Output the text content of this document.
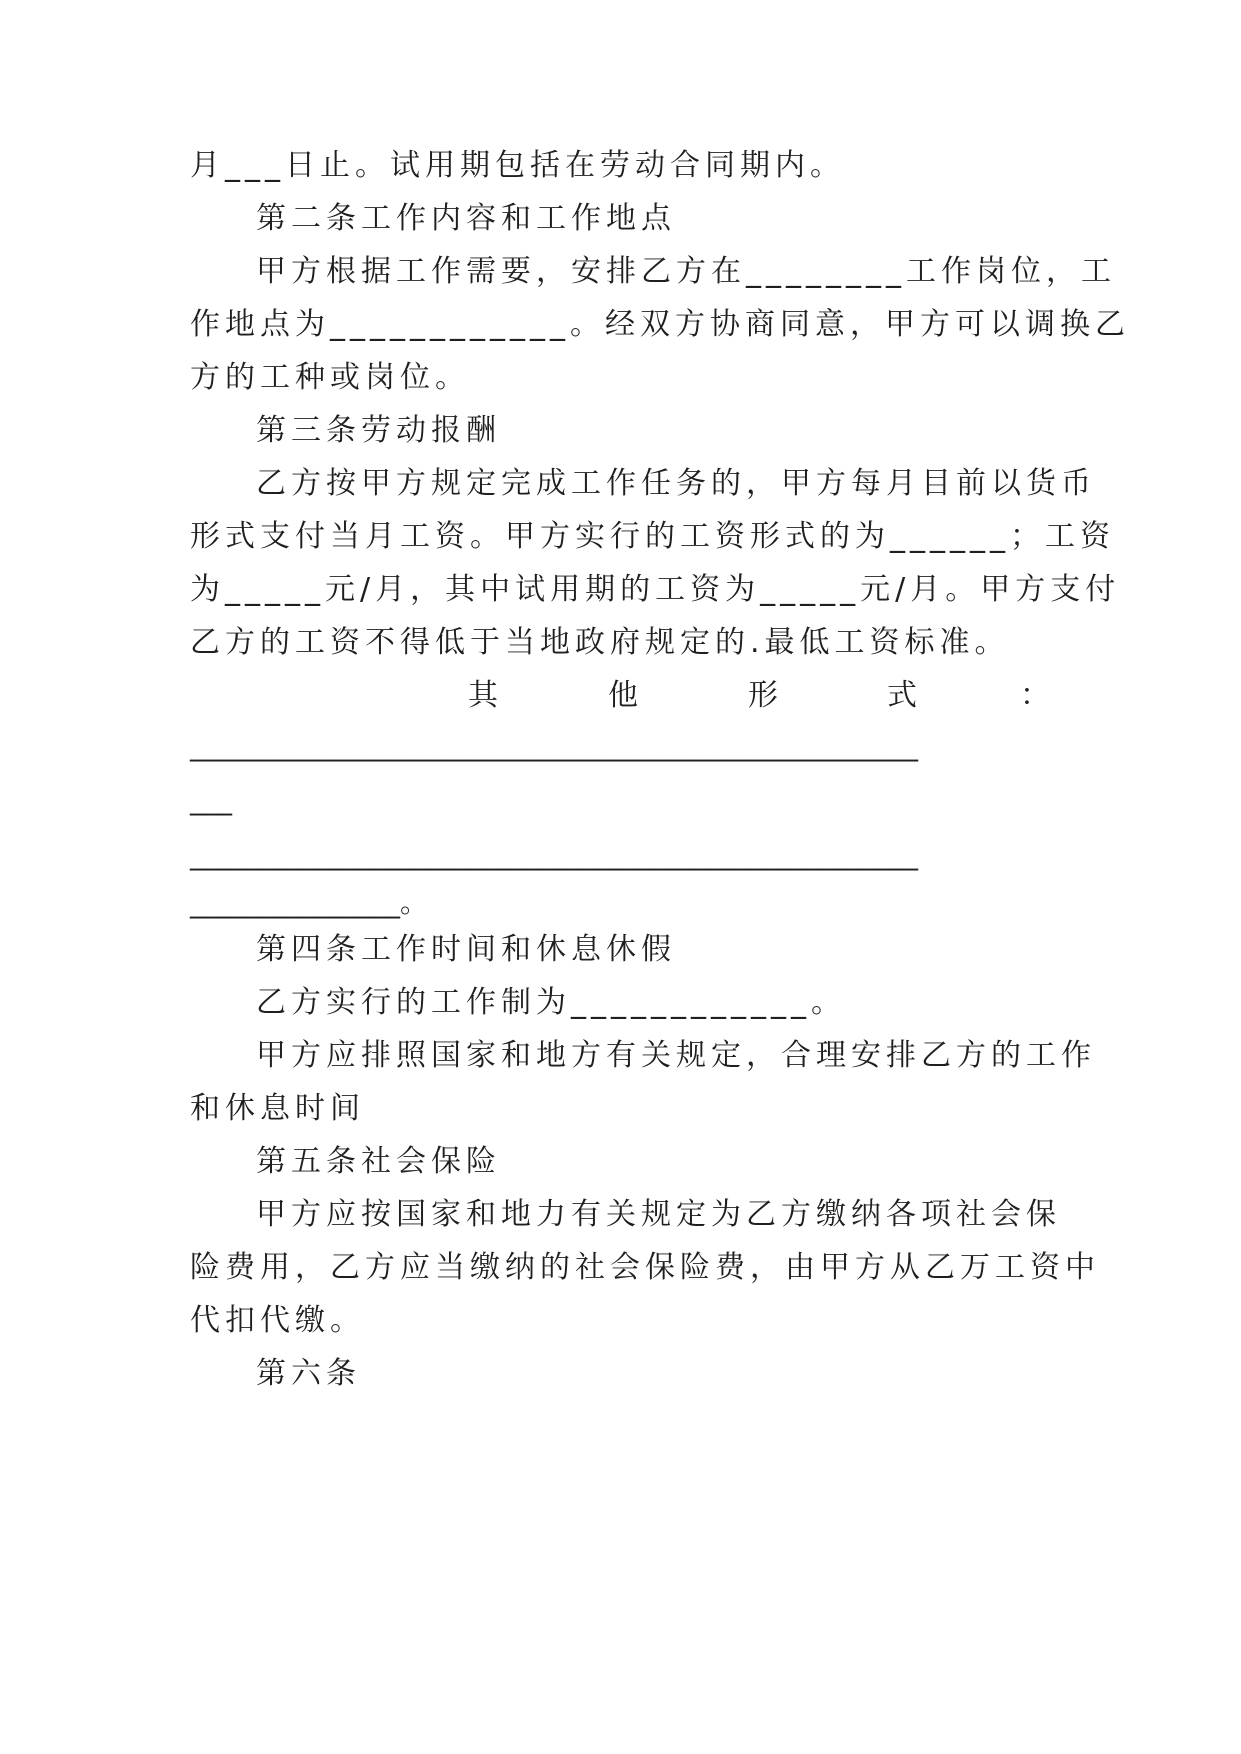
月___日止。试用期包括在劳动合同期内。
第二条工作内容和工作地点
甲方根据工作需要，安排乙方在________工作岗位，工
作地点为____________。经双方协商同意，甲方可以调换乙
方的工种或岗位。
第三条劳动报酬
乙方按甲方规定完成工作任务的，甲方每月目前以货币
形式支付当月工资。甲方实行的工资形式的为______；工资
为_____元/月，其中试用期的工资为_____元/月。甲方支付
乙方的工资不得低于当地政府规定的.最低工资标准。
其	他	形	式	：
____________________________________________________
___
____________________________________________________
_______________。
第四条工作时间和休息休假
乙方实行的工作制为____________。
甲方应排照国家和地方有关规定，合理安排乙方的工作
和休息时间
第五条社会保险
甲方应按国家和地力有关规定为乙方缴纳各项社会保
险费用，乙方应当缴纳的社会保险费，由甲方从乙万工资中
代扣代缴。
第六条
